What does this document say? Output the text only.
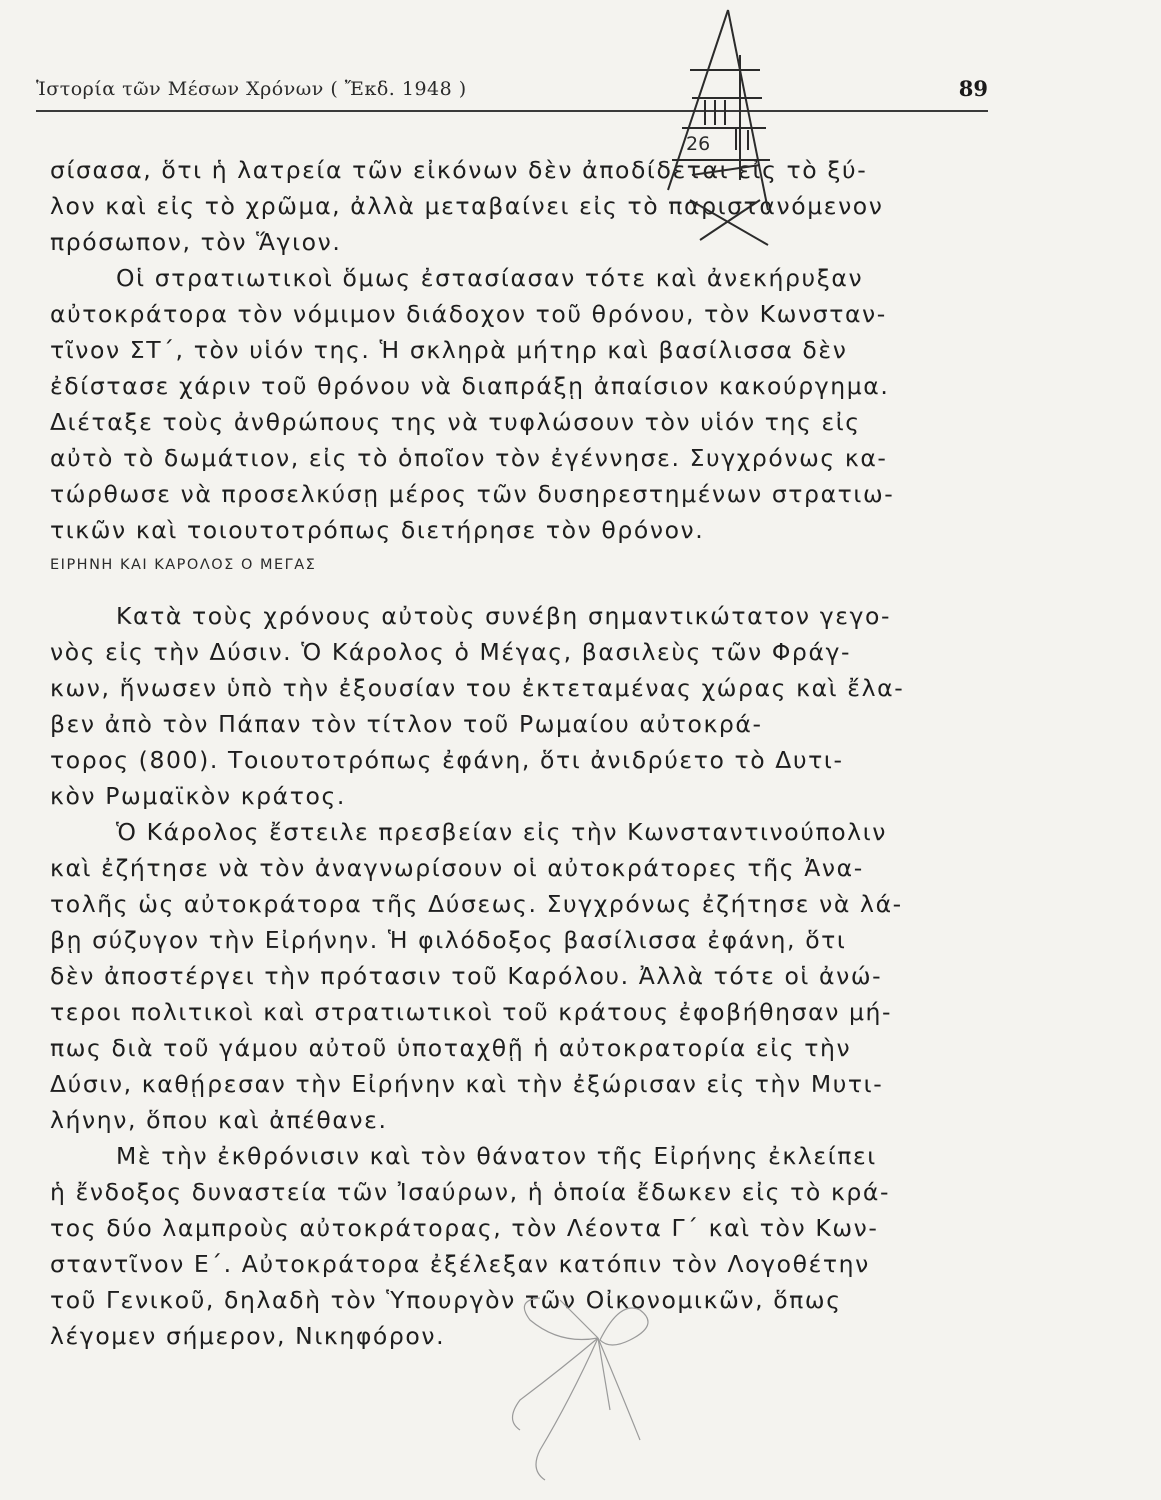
Ἱστορία τῶν Μέσων Χρόνων ( Ἔκδ. 1948 )	89
σίσασα, ὅτι ἡ λατρεία τῶν εἰκόνων δὲν ἀποδίδεται εἰς τὸ ξύ-
λον καὶ εἰς τὸ χρῶμα, ἀλλὰ μεταβαίνει εἰς τὸ παριστανόμενον
πρόσωπον, τὸν Ἅγιον.
Οἱ στρατιωτικοὶ ὅμως ἐστασίασαν τότε καὶ ἀνεκήρυξαν
αὐτοκράτορα τὸν νόμιμον διάδοχον τοῦ θρόνου, τὸν Κωνσταν-
τῖνον ΣΤ΄, τὸν υἱόν της. Ἡ σκληρὰ μήτηρ καὶ βασίλισσα δὲν
ἐδίστασε χάριν τοῦ θρόνου νὰ διαπράξῃ ἀπαίσιον κακούργημα.
Διέταξε τοὺς ἀνθρώπους της νὰ τυφλώσουν τὸν υἱόν της εἰς
αὐτὸ τὸ δωμάτιον, εἰς τὸ ὁποῖον τὸν ἐγέννησε. Συγχρόνως κα-
τώρθωσε νὰ προσελκύσῃ μέρος τῶν δυσηρεστημένων στρατιω-
τικῶν καὶ τοιουτοτρόπως διετήρησε τὸν θρόνον.
ΕΙΡΗΝΗ ΚΑΙ ΚΑΡΟΛΟΣ Ο ΜΕΓΑΣ
Κατὰ τοὺς χρόνους αὐτοὺς συνέβη σημαντικώτατον γεγο-
νὸς εἰς τὴν Δύσιν. Ὁ Κάρολος ὁ Μέγας, βασιλεὺς τῶν Φράγ-
κων, ἥνωσεν ὑπὸ τὴν ἐξουσίαν του ἐκτεταμένας χώρας καὶ ἔλα-
βεν ἀπὸ τὸν Πάπαν τὸν τίτλον τοῦ Ρωμαίου αὐτοκρά-
τορος (800). Τοιουτοτρόπως ἐφάνη, ὅτι ἀνιδρύετο τὸ Δυτι-
κὸν Ρωμαϊκὸν κράτος.
Ὁ Κάρολος ἔστειλε πρεσβείαν εἰς τὴν Κωνσταντινούπολιν
καὶ ἐζήτησε νὰ τὸν ἀναγνωρίσουν οἱ αὐτοκράτορες τῆς Ἀνα-
τολῆς ὡς αὐτοκράτορα τῆς Δύσεως. Συγχρόνως ἐζήτησε νὰ λά-
βῃ σύζυγον τὴν Εἰρήνην. Ἡ φιλόδοξος βασίλισσα ἐφάνη, ὅτι
δὲν ἀποστέργει τὴν πρότασιν τοῦ Καρόλου. Ἀλλὰ τότε οἱ ἀνώ-
τεροι πολιτικοὶ καὶ στρατιωτικοὶ τοῦ κράτους ἐφοβήθησαν μή-
πως διὰ τοῦ γάμου αὐτοῦ ὑποταχθῇ ἡ αὐτοκρατορία εἰς τὴν
Δύσιν, καθῄρεσαν τὴν Εἰρήνην καὶ τὴν ἐξώρισαν εἰς τὴν Μυτι-
λήνην, ὅπου καὶ ἀπέθανε.
Μὲ τὴν ἐκθρόνισιν καὶ τὸν θάνατον τῆς Εἰρήνης ἐκλείπει
ἡ ἔνδοξος δυναστεία τῶν Ἰσαύρων, ἡ ὁποία ἔδωκεν εἰς τὸ κρά-
τος δύο λαμπροὺς αὐτοκράτορας, τὸν Λέοντα Γ΄ καὶ τὸν Κων-
σταντῖνον Ε΄. Αὐτοκράτορα ἐξέλεξαν κατόπιν τὸν Λογοθέτην
τοῦ Γενικοῦ, δηλαδὴ τὸν Ὑπουργὸν τῶν Οἰκονομικῶν, ὅπως
λέγομεν σήμερον, Νικηφόρον.
26
